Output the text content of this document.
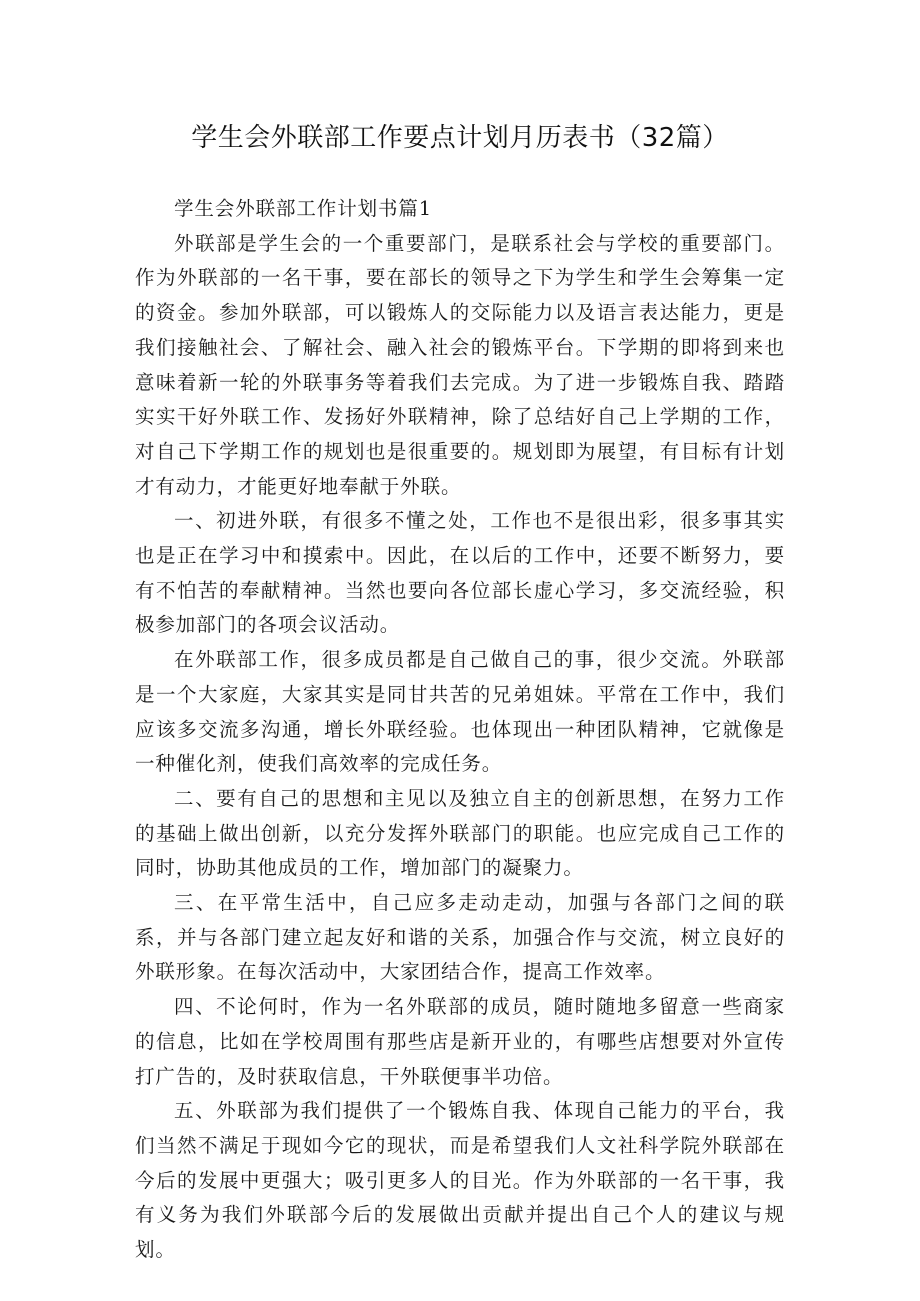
学生会外联部工作要点计划月历表书（32篇）

学生会外联部工作计划书篇1

外联部是学生会的一个重要部门，是联系社会与学校的重要部门。作为外联部的一名干事，要在部长的领导之下为学生和学生会筹集一定的资金。参加外联部，可以锻炼人的交际能力以及语言表达能力，更是我们接触社会、了解社会、融入社会的锻炼平台。下学期的即将到来也意味着新一轮的外联事务等着我们去完成。为了进一步锻炼自我、踏踏实实干好外联工作、发扬好外联精神，除了总结好自己上学期的工作，对自己下学期工作的规划也是很重要的。规划即为展望，有目标有计划才有动力，才能更好地奉献于外联。

一、初进外联，有很多不懂之处，工作也不是很出彩，很多事其实也是正在学习中和摸索中。因此，在以后的工作中，还要不断努力，要有不怕苦的奉献精神。当然也要向各位部长虚心学习，多交流经验，积极参加部门的各项会议活动。

在外联部工作，很多成员都是自己做自己的事，很少交流。外联部是一个大家庭，大家其实是同甘共苦的兄弟姐妹。平常在工作中，我们应该多交流多沟通，增长外联经验。也体现出一种团队精神，它就像是一种催化剂，使我们高效率的完成任务。

二、要有自己的思想和主见以及独立自主的创新思想，在努力工作的基础上做出创新，以充分发挥外联部门的职能。也应完成自己工作的同时，协助其他成员的工作，增加部门的凝聚力。

三、在平常生活中，自己应多走动走动，加强与各部门之间的联系，并与各部门建立起友好和谐的关系，加强合作与交流，树立良好的外联形象。在每次活动中，大家团结合作，提高工作效率。

四、不论何时，作为一名外联部的成员，随时随地多留意一些商家的信息，比如在学校周围有那些店是新开业的，有哪些店想要对外宣传打广告的，及时获取信息，干外联便事半功倍。

五、外联部为我们提供了一个锻炼自我、体现自己能力的平台，我们当然不满足于现如今它的现状，而是希望我们人文社科学院外联部在今后的发展中更强大；吸引更多人的目光。作为外联部的一名干事，我有义务为我们外联部今后的发展做出贡献并提出自己个人的建议与规划。
